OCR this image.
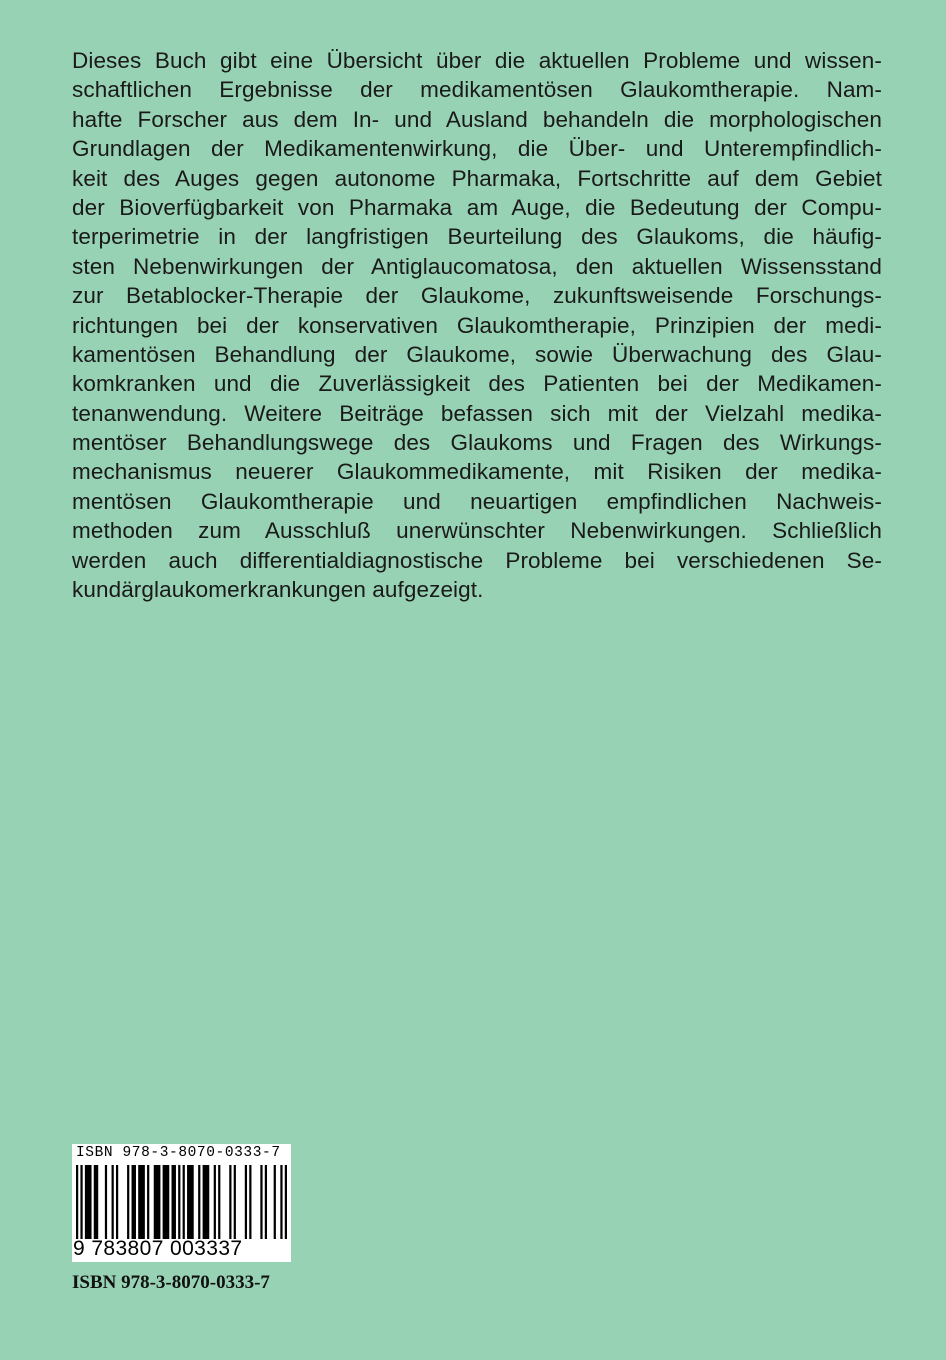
Dieses Buch gibt eine Übersicht über die aktuellen Probleme und wissen-
schaftlichen Ergebnisse der medikamentösen Glaukomtherapie. Nam-
hafte Forscher aus dem In- und Ausland behandeln die morphologischen
Grundlagen der Medikamentenwirkung, die Über- und Unterempfindlich-
keit des Auges gegen autonome Pharmaka, Fortschritte auf dem Gebiet
der Bioverfügbarkeit von Pharmaka am Auge, die Bedeutung der Compu-
terperimetrie in der langfristigen Beurteilung des Glaukoms, die häufig-
sten Nebenwirkungen der Antiglaucomatosa, den aktuellen Wissensstand
zur Betablocker-Therapie der Glaukome, zukunftsweisende Forschungs-
richtungen bei der konservativen Glaukomtherapie, Prinzipien der medi-
kamentösen Behandlung der Glaukome, sowie Überwachung des Glau-
komkranken und die Zuverlässigkeit des Patienten bei der Medikamen-
tenanwendung. Weitere Beiträge befassen sich mit der Vielzahl medika-
mentöser Behandlungswege des Glaukoms und Fragen des Wirkungs-
mechanismus neuerer Glaukommedikamente, mit Risiken der medika-
mentösen Glaukomtherapie und neuartigen empfindlichen Nachweis-
methoden zum Ausschluß unerwünschter Nebenwirkungen. Schließlich
werden auch differentialdiagnostische Probleme bei verschiedenen Se-
kundärglaukomerkrankungen aufgezeigt.
ISBN 978-3-8070-0333-7
9 783807 003337
ISBN 978-3-8070-0333-7
